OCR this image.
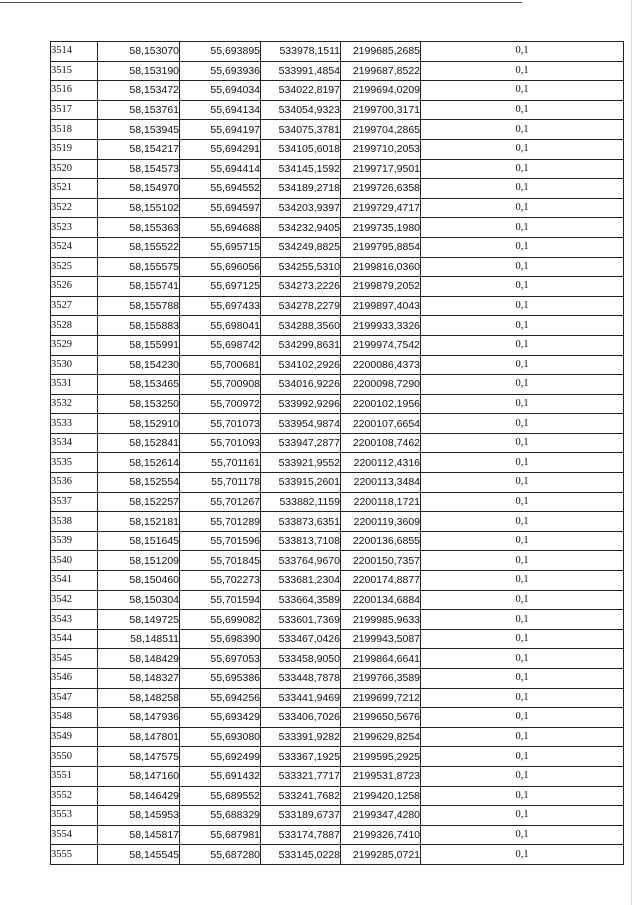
3514	58,153070	55,693895	533978,1511	2199685,2685	0,1
3515	58,153190	55,693936	533991,4854	2199687,8522	0,1
3516	58,153472	55,694034	534022,8197	2199694,0209	0,1
3517	58,153761	55,694134	534054,9323	2199700,3171	0,1
3518	58,153945	55,694197	534075,3781	2199704,2865	0,1
3519	58,154217	55,694291	534105,6018	2199710,2053	0,1
3520	58,154573	55,694414	534145,1592	2199717,9501	0,1
3521	58,154970	55,694552	534189,2718	2199726,6358	0,1
3522	58,155102	55,694597	534203,9397	2199729,4717	0,1
3523	58,155363	55,694688	534232,9405	2199735,1980	0,1
3524	58,155522	55,695715	534249,8825	2199795,8854	0,1
3525	58,155575	55,696056	534255,5310	2199816,0360	0,1
3526	58,155741	55,697125	534273,2226	2199879,2052	0,1
3527	58,155788	55,697433	534278,2279	2199897,4043	0,1
3528	58,155883	55,698041	534288,3560	2199933,3326	0,1
3529	58,155991	55,698742	534299,8631	2199974,7542	0,1
3530	58,154230	55,700681	534102,2926	2200086,4373	0,1
3531	58,153465	55,700908	534016,9226	2200098,7290	0,1
3532	58,153250	55,700972	533992,9296	2200102,1956	0,1
3533	58,152910	55,701073	533954,9874	2200107,6654	0,1
3534	58,152841	55,701093	533947,2877	2200108,7462	0,1
3535	58,152614	55,701161	533921,9552	2200112,4316	0,1
3536	58,152554	55,701178	533915,2601	2200113,3484	0,1
3537	58,152257	55,701267	533882,1159	2200118,1721	0,1
3538	58,152181	55,701289	533873,6351	2200119,3609	0,1
3539	58,151645	55,701596	533813,7108	2200136,6855	0,1
3540	58,151209	55,701845	533764,9670	2200150,7357	0,1
3541	58,150460	55,702273	533681,2304	2200174,8877	0,1
3542	58,150304	55,701594	533664,3589	2200134,6884	0,1
3543	58,149725	55,699082	533601,7369	2199985,9633	0,1
3544	58,148511	55,698390	533467,0426	2199943,5087	0,1
3545	58,148429	55,697053	533458,9050	2199864,6641	0,1
3546	58,148327	55,695386	533448,7878	2199766,3589	0,1
3547	58,148258	55,694256	533441,9469	2199699,7212	0,1
3548	58,147936	55,693429	533406,7026	2199650,5676	0,1
3549	58,147801	55,693080	533391,9282	2199629,8254	0,1
3550	58,147575	55,692499	533367,1925	2199595,2925	0,1
3551	58,147160	55,691432	533321,7717	2199531,8723	0,1
3552	58,146429	55,689552	533241,7682	2199420,1258	0,1
3553	58,145953	55,688329	533189,6737	2199347,4280	0,1
3554	58,145817	55,687981	533174,7887	2199326,7410	0,1
3555	58,145545	55,687280	533145,0228	2199285,0721	0,1
